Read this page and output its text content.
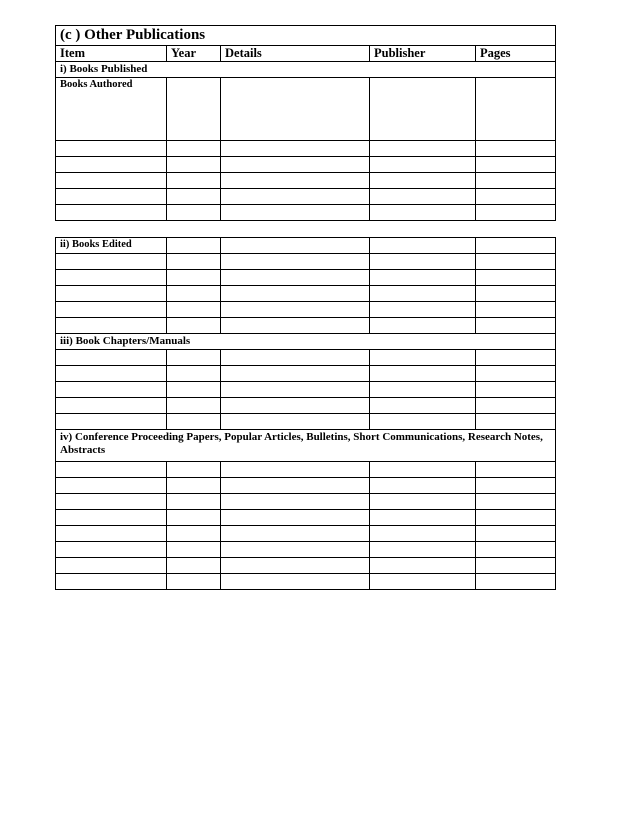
(c ) Other Publications				
Item	Year	Details	Publisher	Pages
i) Books Published				
Books Authored				

ii) Books Edited				

iii) Book Chapters/Manuals				

iv) Conference Proceeding Papers, Popular Articles, Bulletins, Short Communications, Research Notes, Abstracts				
